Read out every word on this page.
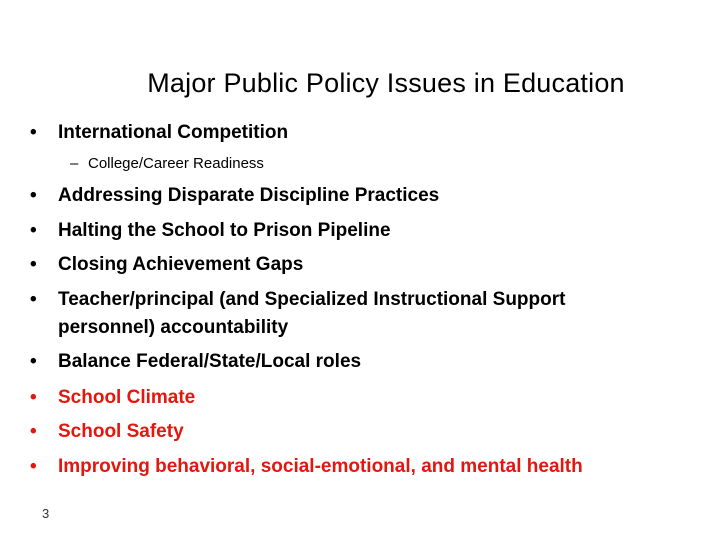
Major Public Policy Issues in Education
•	International Competition
– College/Career Readiness
•	Addressing Disparate Discipline Practices
•	Halting the School to Prison Pipeline
•	Closing Achievement Gaps
•	Teacher/principal (and Specialized Instructional Support
personnel) accountability
•	Balance Federal/State/Local roles
•	School Climate
•	School Safety
•	Improving behavioral, social-emotional, and mental health
3
